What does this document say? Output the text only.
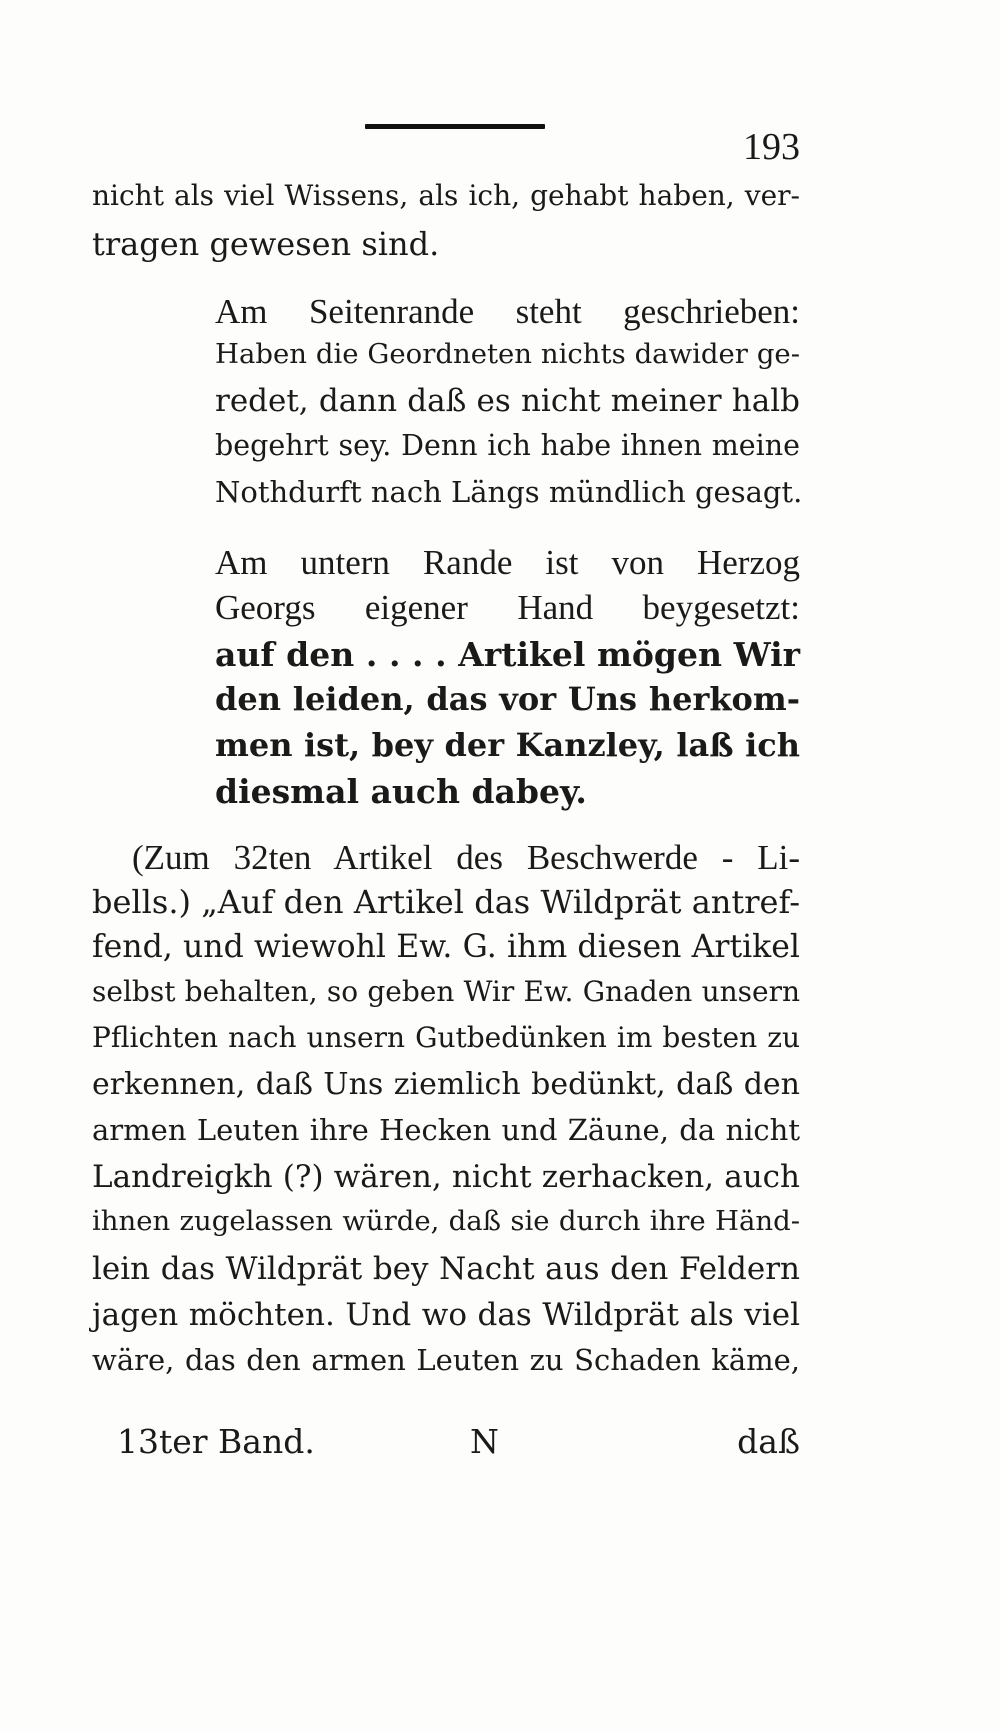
193
nicht als viel Wissens, als ich, gehabt haben, ver-
tragen gewesen sind.
Am Seitenrande steht geschrieben:
Haben die Geordneten nichts dawider ge-
redet, dann daß es nicht meiner halb
begehrt sey. Denn ich habe ihnen meine
Nothdurft nach Längs mündlich gesagt.
Am untern Rande ist von Herzog
Georgs eigener Hand beygesetzt:
auf den . . . . Artikel mögen Wir
den leiden, das vor Uns herkom-
men ist, bey der Kanzley, laß ich
diesmal auch dabey.
(Zum 32ten Artikel des Beschwerde - Li-
bells.) „Auf den Artikel das Wildprät antref-
fend, und wiewohl Ew. G. ihm diesen Artikel
selbst behalten, so geben Wir Ew. Gnaden unsern
Pflichten nach unsern Gutbedünken im besten zu
erkennen, daß Uns ziemlich bedünkt, daß den
armen Leuten ihre Hecken und Zäune, da nicht
Landreigkh (?) wären, nicht zerhacken, auch
ihnen zugelassen würde, daß sie durch ihre Händ-
lein das Wildprät bey Nacht aus den Feldern
jagen möchten. Und wo das Wildprät als viel
wäre, das den armen Leuten zu Schaden käme,
13ter Band.	N	daß
